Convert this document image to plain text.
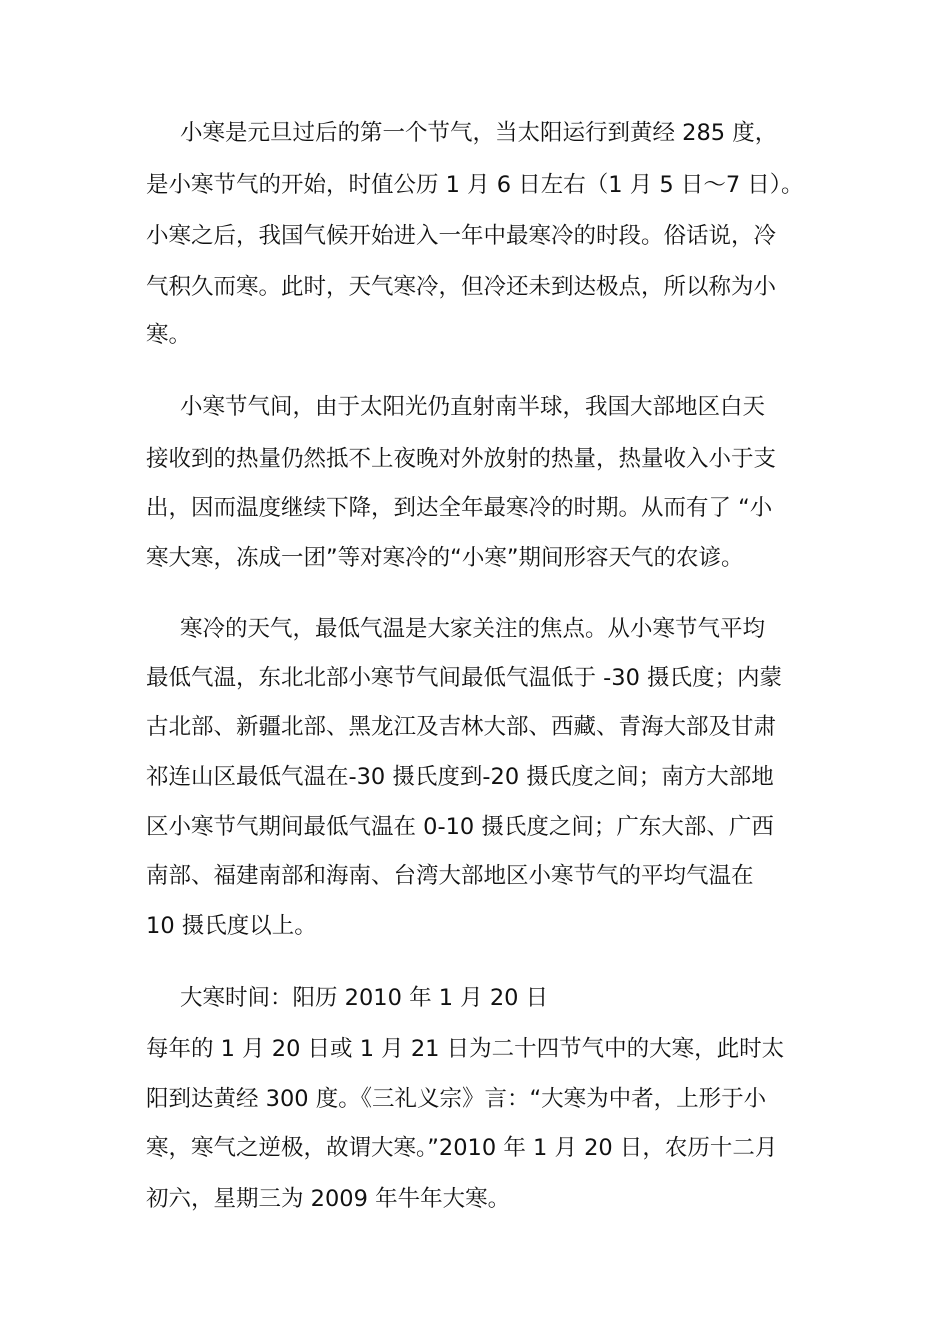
小寒是元旦过后的第一个节气，当太阳运行到黄经 285 度，
是小寒节气的开始，时值公历 1 月 6 日左右（1 月 5 日～7 日）。
小寒之后，我国气候开始进入一年中最寒冷的时段。俗话说，冷
气积久而寒。此时，天气寒冷，但冷还未到达极点，所以称为小
寒。
小寒节气间，由于太阳光仍直射南半球，我国大部地区白天
接收到的热量仍然抵不上夜晚对外放射的热量，热量收入小于支
出，因而温度继续下降，到达全年最寒冷的时期。从而有了 “小
寒大寒，冻成一团”等对寒冷的“小寒”期间形容天气的农谚。
寒冷的天气，最低气温是大家关注的焦点。从小寒节气平均
最低气温，东北北部小寒节气间最低气温低于 -30 摄氏度；内蒙
古北部、新疆北部、黑龙江及吉林大部、西藏、青海大部及甘肃
祁连山区最低气温在-30 摄氏度到-20 摄氏度之间；南方大部地
区小寒节气期间最低气温在 0-10 摄氏度之间；广东大部、广西
南部、福建南部和海南、台湾大部地区小寒节气的平均气温在
10 摄氏度以上。
大寒时间：阳历 2010 年 1 月 20 日
每年的 1 月 20 日或 1 月 21 日为二十四节气中的大寒，此时太
阳到达黄经 300 度。《三礼义宗》言：“大寒为中者，上形于小
寒，寒气之逆极，故谓大寒。”2010 年 1 月 20 日，农历十二月
初六，星期三为 2009 年牛年大寒。
